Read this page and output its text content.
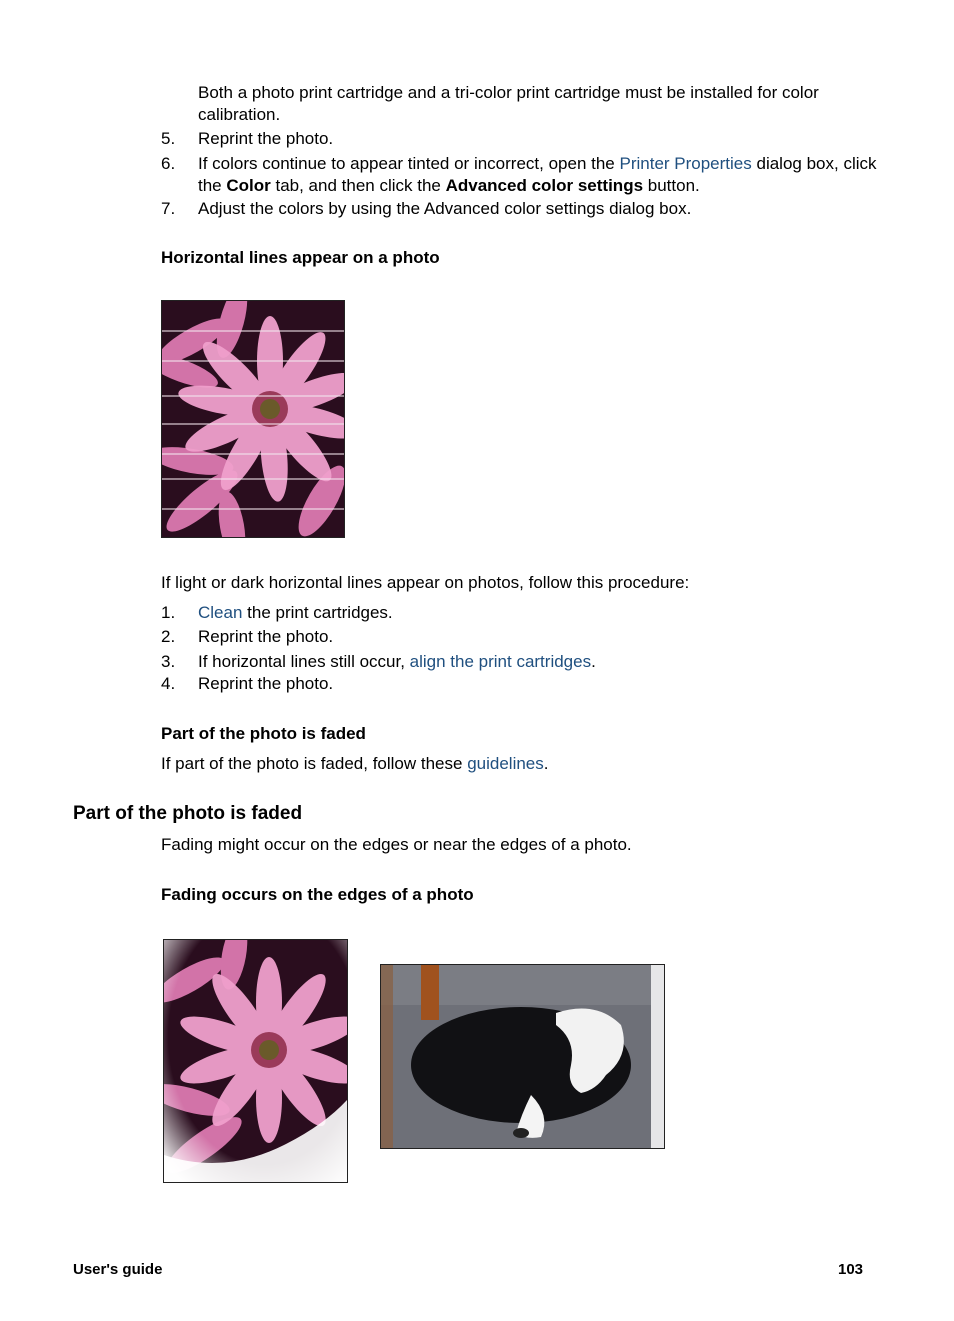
Both a photo print cartridge and a tri-color print cartridge must be installed for color calibration.
5. Reprint the photo.
6. If colors continue to appear tinted or incorrect, open the Printer Properties dialog box, click the Color tab, and then click the Advanced color settings button.
7. Adjust the colors by using the Advanced color settings dialog box.
Horizontal lines appear on a photo
If light or dark horizontal lines appear on photos, follow this procedure:
1. Clean the print cartridges.
2. Reprint the photo.
3. If horizontal lines still occur, align the print cartridges.
4. Reprint the photo.
Part of the photo is faded
If part of the photo is faded, follow these guidelines.
Part of the photo is faded
Fading might occur on the edges or near the edges of a photo.
Fading occurs on the edges of a photo
User's guide	103
